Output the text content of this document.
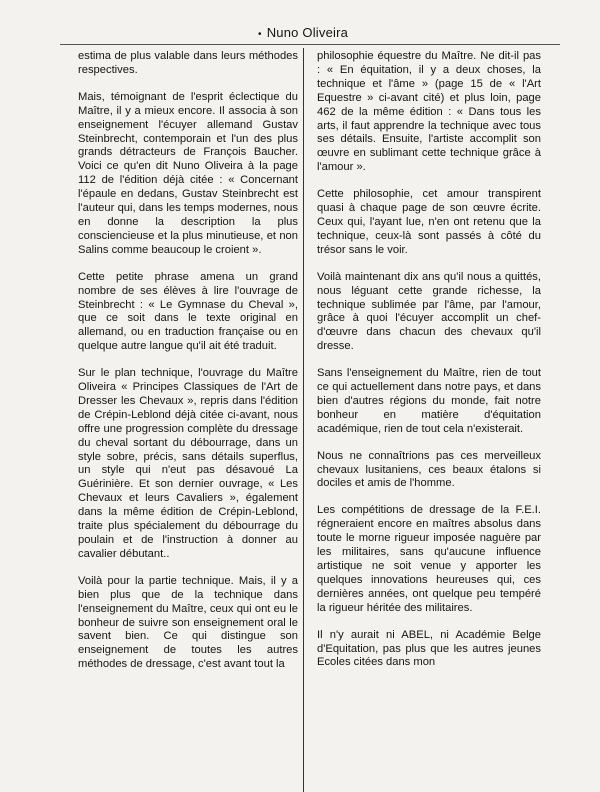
• Nuno Oliveira

estima de plus valable dans leurs méthodes respectives.

Mais, témoignant de l'esprit éclectique du Maître, il y a mieux encore. Il associa à son enseignement l'écuyer allemand Gustav Steinbrecht, contemporain et l'un des plus grands détracteurs de François Baucher. Voici ce qu'en dit Nuno Oliveira à la page 112 de l'édition déjà citée : « Concernant l'épaule en dedans, Gustav Steinbrecht est l'auteur qui, dans les temps modernes, nous en donne la description la plus consciencieuse et la plus minutieuse, et non Salins comme beaucoup le croient ».

Cette petite phrase amena un grand nombre de ses élèves à lire l'ouvrage de Steinbrecht : « Le Gymnase du Cheval », que ce soit dans le texte original en allemand, ou en traduction française ou en quelque autre langue qu'il ait été traduit.

Sur le plan technique, l'ouvrage du Maître Oliveira « Principes Classiques de l'Art de Dresser les Chevaux », repris dans l'édition de Crépin-Leblond déjà citée ci-avant, nous offre une progression complète du dressage du cheval sortant du débourrage, dans un style sobre, précis, sans détails superflus, un style qui n'eut pas désavoué La Guérinière. Et son dernier ouvrage, « Les Chevaux et leurs Cavaliers », également dans la même édition de Crépin-Leblond, traite plus spécialement du débourrage du poulain et de l'instruction à donner au cavalier débutant..

Voilà pour la partie technique. Mais, il y a bien plus que de la technique dans l'enseignement du Maître, ceux qui ont eu le bonheur de suivre son enseignement oral le savent bien. Ce qui distingue son enseignement de toutes les autres méthodes de dressage, c'est avant tout la

philosophie équestre du Maître. Ne dit-il pas : « En équitation, il y a deux choses, la technique et l'âme » (page 15 de « l'Art Equestre » ci-avant cité) et plus loin, page 462 de la même édition : « Dans tous les arts, il faut apprendre la technique avec tous ses détails. Ensuite, l'artiste accomplit son œuvre en sublimant cette technique grâce à l'amour ».

Cette philosophie, cet amour transpirent quasi à chaque page de son œuvre écrite. Ceux qui, l'ayant lue, n'en ont retenu que la technique, ceux-là sont passés à côté du trésor sans le voir.

Voilà maintenant dix ans qu'il nous a quittés, nous léguant cette grande richesse, la technique sublimée par l'âme, par l'amour, grâce à quoi l'écuyer accomplit un chef-d'œuvre dans chacun des chevaux qu'il dresse.

Sans l'enseignement du Maître, rien de tout ce qui actuellement dans notre pays, et dans bien d'autres régions du monde, fait notre bonheur en matière d'équitation académique, rien de tout cela n'existerait.

Nous ne connaîtrions pas ces merveilleux chevaux lusitaniens, ces beaux étalons si dociles et amis de l'homme.

Les compétitions de dressage de la F.E.I. régneraient encore en maîtres absolus dans toute le morne rigueur imposée naguère par les militaires, sans qu'aucune influence artistique ne soit venue y apporter les quelques innovations heureuses qui, ces dernières années, ont quelque peu tempéré la rigueur héritée des militaires.

Il n'y aurait ni ABEL, ni Académie Belge d'Equitation, pas plus que les autres jeunes Ecoles citées dans mon
